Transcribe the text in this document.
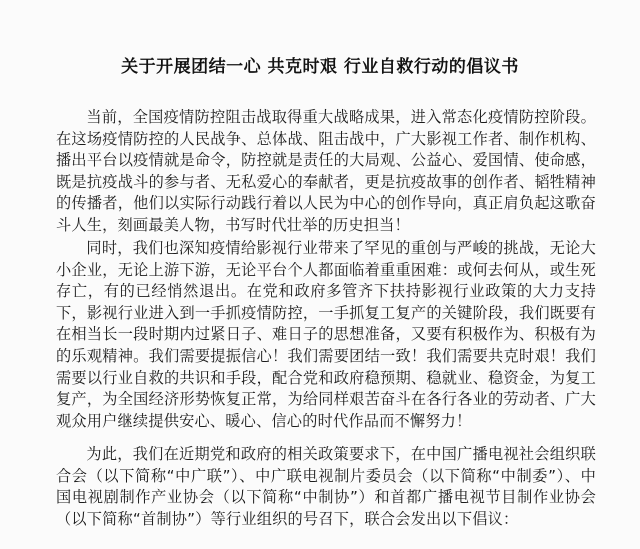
关于开展团结一心 共克时艰 行业自救行动的倡议书

当前，全国疫情防控阻击战取得重大战略成果，进入常态化疫情防控阶段。在这场疫情防控的人民战争、总体战、阻击战中，广大影视工作者、制作机构、播出平台以疫情就是命令，防控就是责任的大局观、公益心、爱国情、使命感，既是抗疫战斗的参与者、无私爱心的奉献者，更是抗疫故事的创作者、韬牲精神的传播者，他们以实际行动践行着以人民为中心的创作导向，真正肩负起这歌奋斗人生，刻画最美人物，书写时代壮举的历史担当！

同时，我们也深知疫情给影视行业带来了罕见的重创与严峻的挑战，无论大小企业，无论上游下游，无论平台个人都面临着重重困难：或何去何从，或生死存亡，有的已经悄然退出。在党和政府多管齐下扶持影视行业政策的大力支持下，影视行业进入到一手抓疫情防控，一手抓复工复产的关键阶段，我们既要有在相当长一段时期内过紧日子、难日子的思想准备，又要有积极作为、积极有为的乐观精神。我们需要提振信心！我们需要团结一致！我们需要共克时艰！我们需要以行业自救的共识和手段，配合党和政府稳预期、稳就业、稳资金，为复工复产，为全国经济形势恢复正常，为给同样艰苦奋斗在各行各业的劳动者、广大观众用户继续提供安心、暖心、信心的时代作品而不懈努力！

为此，我们在近期党和政府的相关政策要求下，在中国广播电视社会组织联合会（以下简称“中广联”）、中广联电视制片委员会（以下简称“中制委”）、中国电视剧制作产业协会（以下简称“中制协”）和首都广播电视节目制作业协会（以下简称“首制协”）等行业组织的号召下，联合会发出以下倡议：
